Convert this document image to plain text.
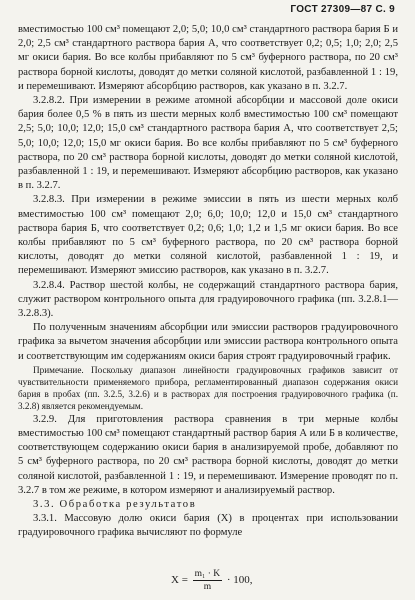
ГОСТ 27309—87 С. 9

вместимостью 100 см³ помещают 2,0; 5,0; 10,0 см³ стандартного раствора бария Б и 2,0; 2,5 см³ стандартного раствора бария А, что соответствует 0,2; 0,5; 1,0; 2,0; 2,5 мг окиси бария. Во все колбы прибавляют по 5 см³ буферного раствора, по 20 см³ раствора борной кислоты, доводят до метки соляной кислотой, разбавленной 1 : 19, и перемешивают. Измеряют абсорбцию растворов, как указано в п. 3.2.7.

3.2.8.2. При измерении в режиме атомной абсорбции и массовой доле окиси бария более 0,5 % в пять из шести мерных колб вместимостью 100 см³ помещают 2,5; 5,0; 10,0; 12,0; 15,0 см³ стандартного раствора бария А, что соответствует 2,5; 5,0; 10,0; 12,0; 15,0 мг окиси бария. Во все колбы прибавляют по 5 см³ буферного раствора, по 20 см³ раствора борной кислоты, доводят до метки соляной кислотой, разбавленной 1 : 19, и перемешивают. Измеряют абсорбцию растворов, как указано в п. 3.2.7.

3.2.8.3. При измерении в режиме эмиссии в пять из шести мерных колб вместимостью 100 см³ помещают 2,0; 6,0; 10,0; 12,0 и 15,0 см³ стандартного раствора бария Б, что соответствует 0,2; 0,6; 1,0; 1,2 и 1,5 мг окиси бария. Во все колбы прибавляют по 5 см³ буферного раствора, по 20 см³ раствора борной кислоты, доводят до метки соляной кислотой, разбавленной 1 : 19, и перемешивают. Измеряют эмиссию растворов, как указано в п. 3.2.7.

3.2.8.4. Раствор шестой колбы, не содержащий стандартного раствора бария, служит раствором контрольного опыта для градуировочного графика (пп. 3.2.8.1—3.2.8.3).

По полученным значениям абсорбции или эмиссии растворов градуировочного графика за вычетом значения абсорбции или эмиссии раствора контрольного опыта и соответствующим им содержаниям окиси бария строят градуировочный график.

Примечание. Поскольку диапазон линейности градуировочных графиков зависит от чувствительности применяемого прибора, регламентированный диапазон содержания окиси бария в пробах (пп. 3.2.5, 3.2.6) и в растворах для построения градуировочного графика (п. 3.2.8) является рекомендуемым.

3.2.9. Для приготовления раствора сравнения в три мерные колбы вместимостью 100 см³ помещают стандартный раствор бария А или Б в количестве, соответствующем содержанию окиси бария в анализируемой пробе, добавляют по 5 см³ буферного раствора, по 20 см³ раствора борной кислоты, доводят до метки соляной кислотой, разбавленной 1 : 19, и перемешивают. Измерение проводят по п. 3.2.7 в том же режиме, в котором измеряют и анализируемый раствор.

3.3. Обработка результатов

3.3.1. Массовую долю окиси бария (X) в процентах при использовании градуировочного графика вычисляют по формуле

$X = \frac{\text{m₁ · K}}{m} \cdot 100$,
